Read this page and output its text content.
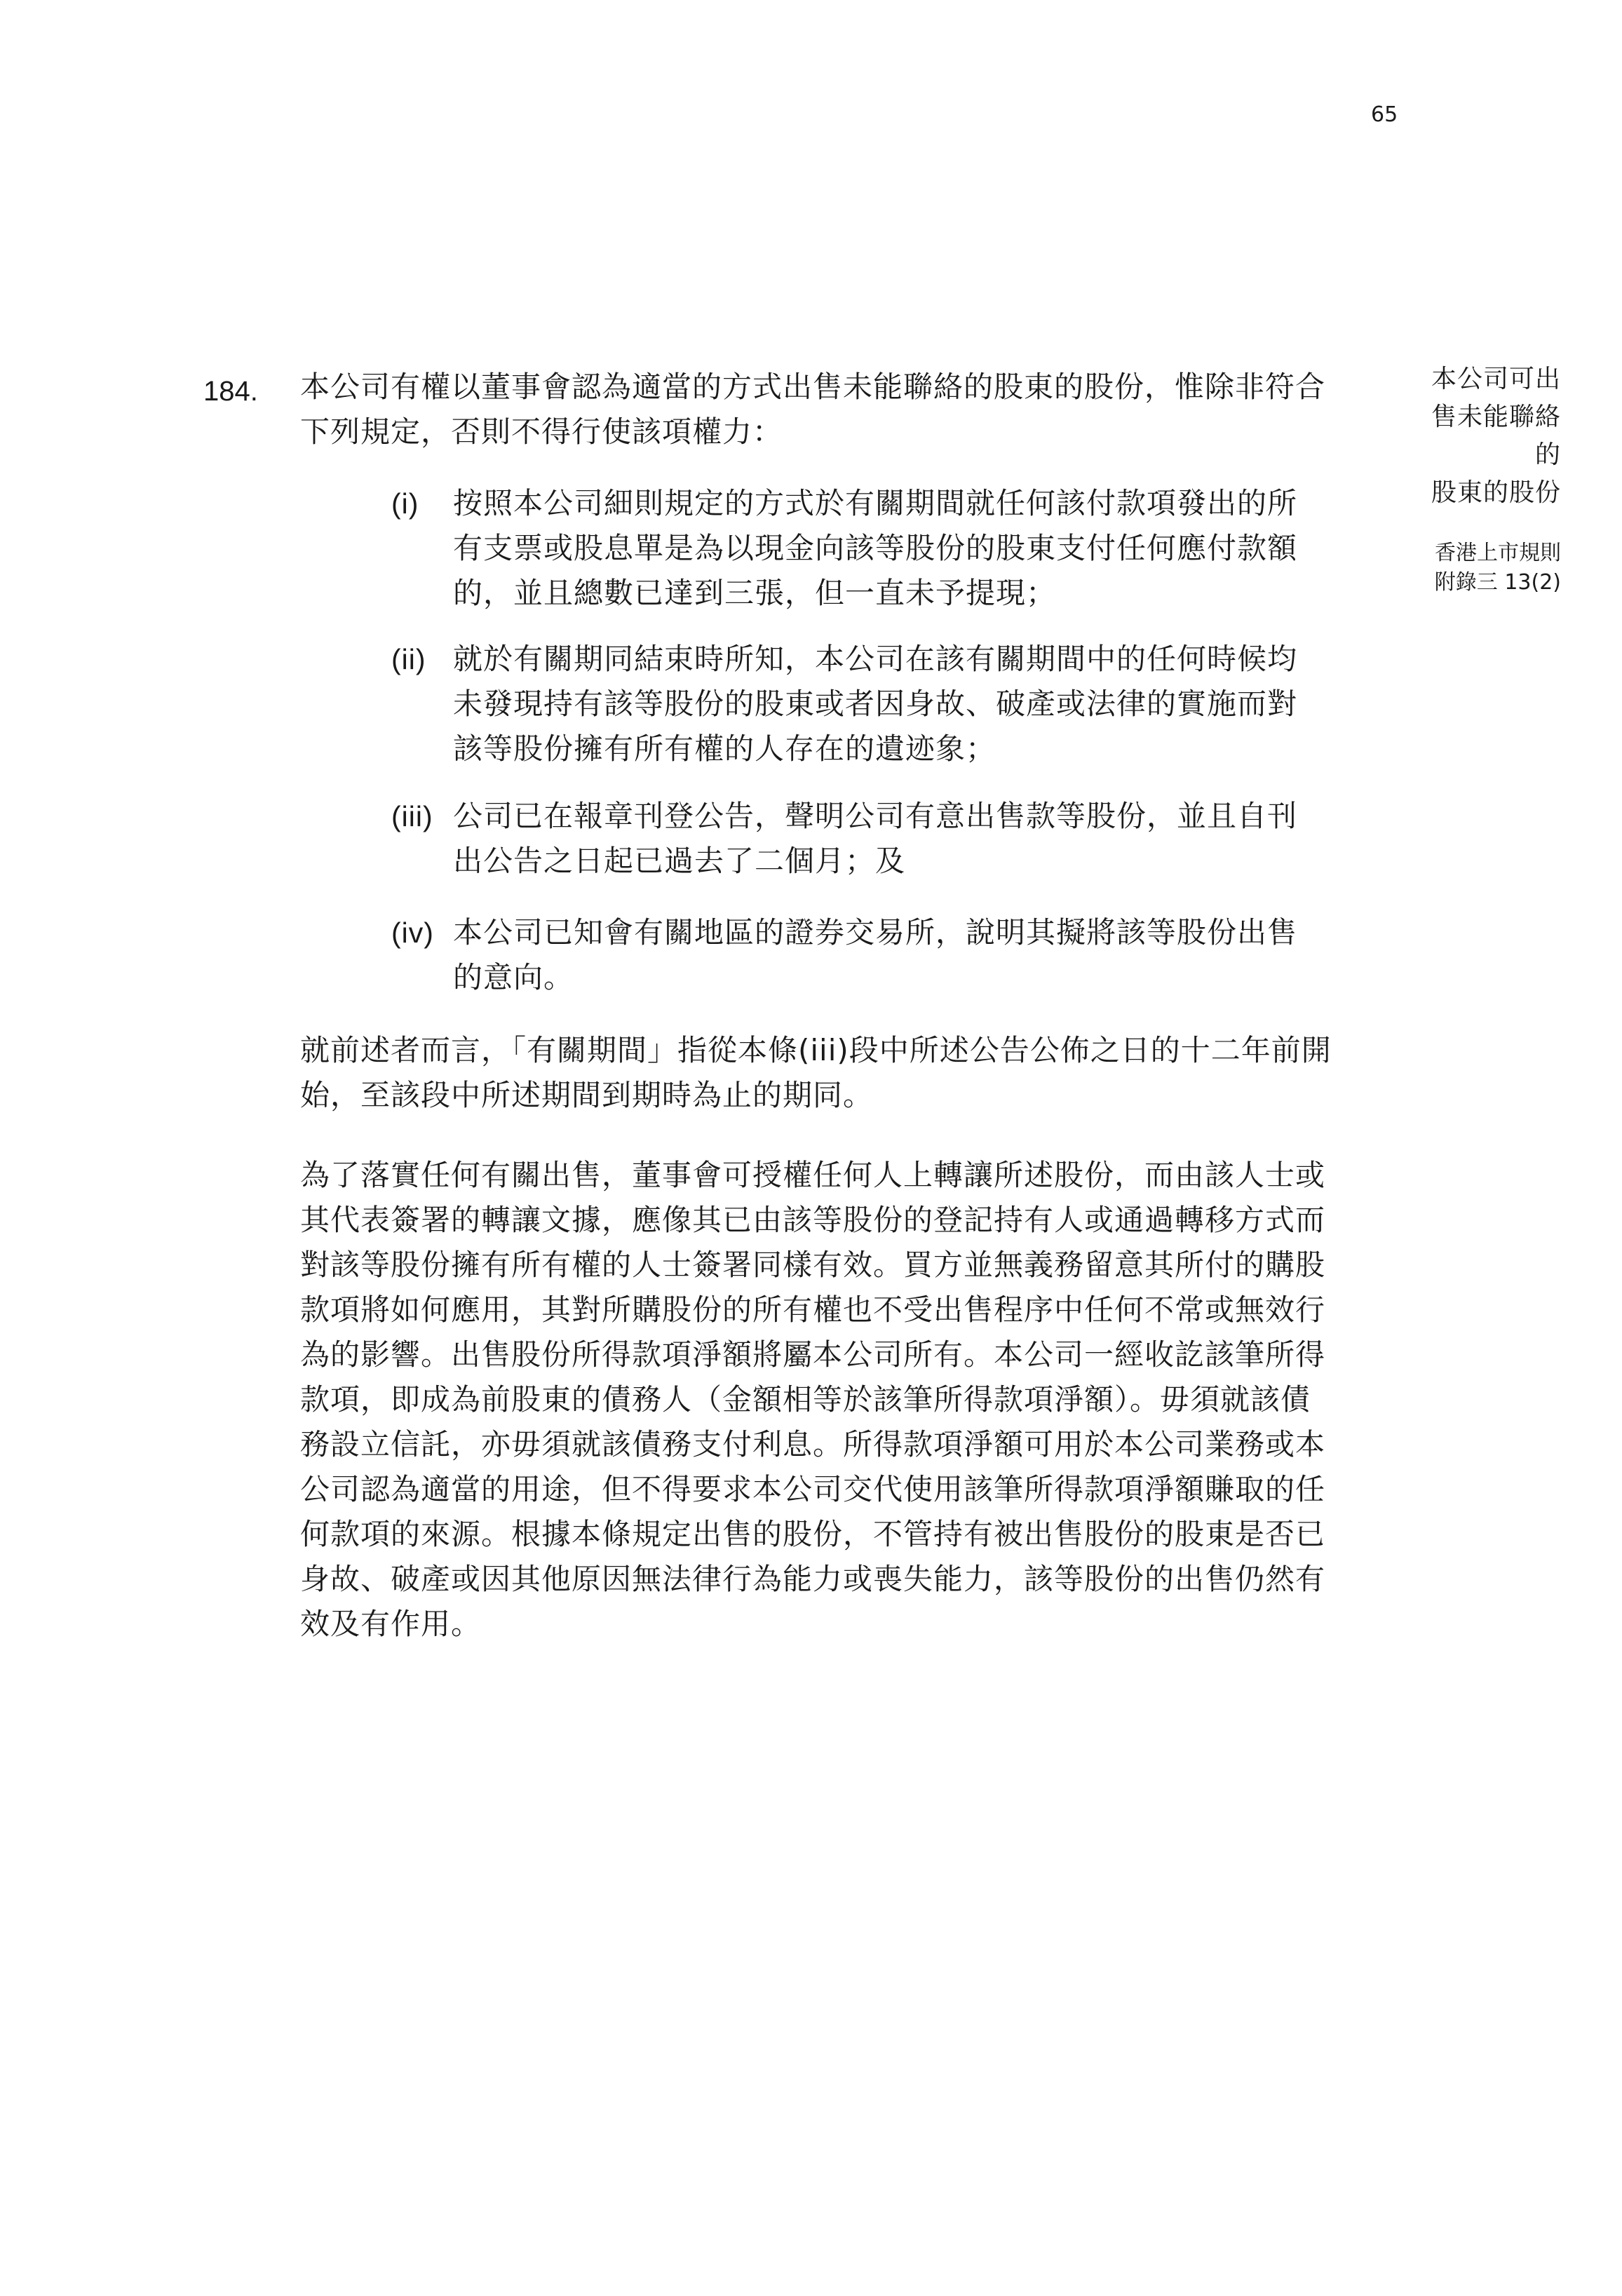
65
184. 本公司有權以董事會認為適當的方式出售未能聯絡的股東的股份，惟除非符合
下列規定，否則不得行使該項權力：

(i) 按照本公司細則規定的方式於有關期間就任何該付款項發出的所
有支票或股息單是為以現金向該等股份的股東支付任何應付款額
的，並且總數已達到三張，但一直未予提現；
(ii) 就於有關期同結束時所知，本公司在該有關期間中的任何時候均
未發現持有該等股份的股東或者因身故、破產或法律的實施而對
該等股份擁有所有權的人存在的遺迹象；
(iii) 公司已在報章刊登公告，聲明公司有意出售款等股份，並且自刊
出公告之日起已過去了二個月；及
(iv) 本公司已知會有關地區的證券交易所，說明其擬將該等股份出售
的意向。

就前述者而言，「有關期間」指從本條(iii)段中所述公告公佈之日的十二年前開
始，至該段中所述期間到期時為止的期同。

為了落實任何有關出售，董事會可授權任何人上轉讓所述股份，而由該人士或
其代表簽署的轉讓文據，應像其已由該等股份的登記持有人或通過轉移方式而
對該等股份擁有所有權的人士簽署同樣有效。買方並無義務留意其所付的購股
款項將如何應用，其對所購股份的所有權也不受出售程序中任何不常或無效行
為的影響。出售股份所得款項淨額將屬本公司所有。本公司一經收訖該筆所得
款項，即成為前股東的債務人（金額相等於該筆所得款項淨額）。毋須就該債
務設立信託，亦毋須就該債務支付利息。所得款項淨額可用於本公司業務或本
公司認為適當的用途，但不得要求本公司交代使用該筆所得款項淨額賺取的任
何款項的來源。根據本條規定出售的股份，不管持有被出售股份的股東是否已
身故、破產或因其他原因無法律行為能力或喪失能力，該等股份的出售仍然有
效及有作用。

本公司可出
售未能聯絡
的
股東的股份
香港上市規則
附錄三 13(2)
